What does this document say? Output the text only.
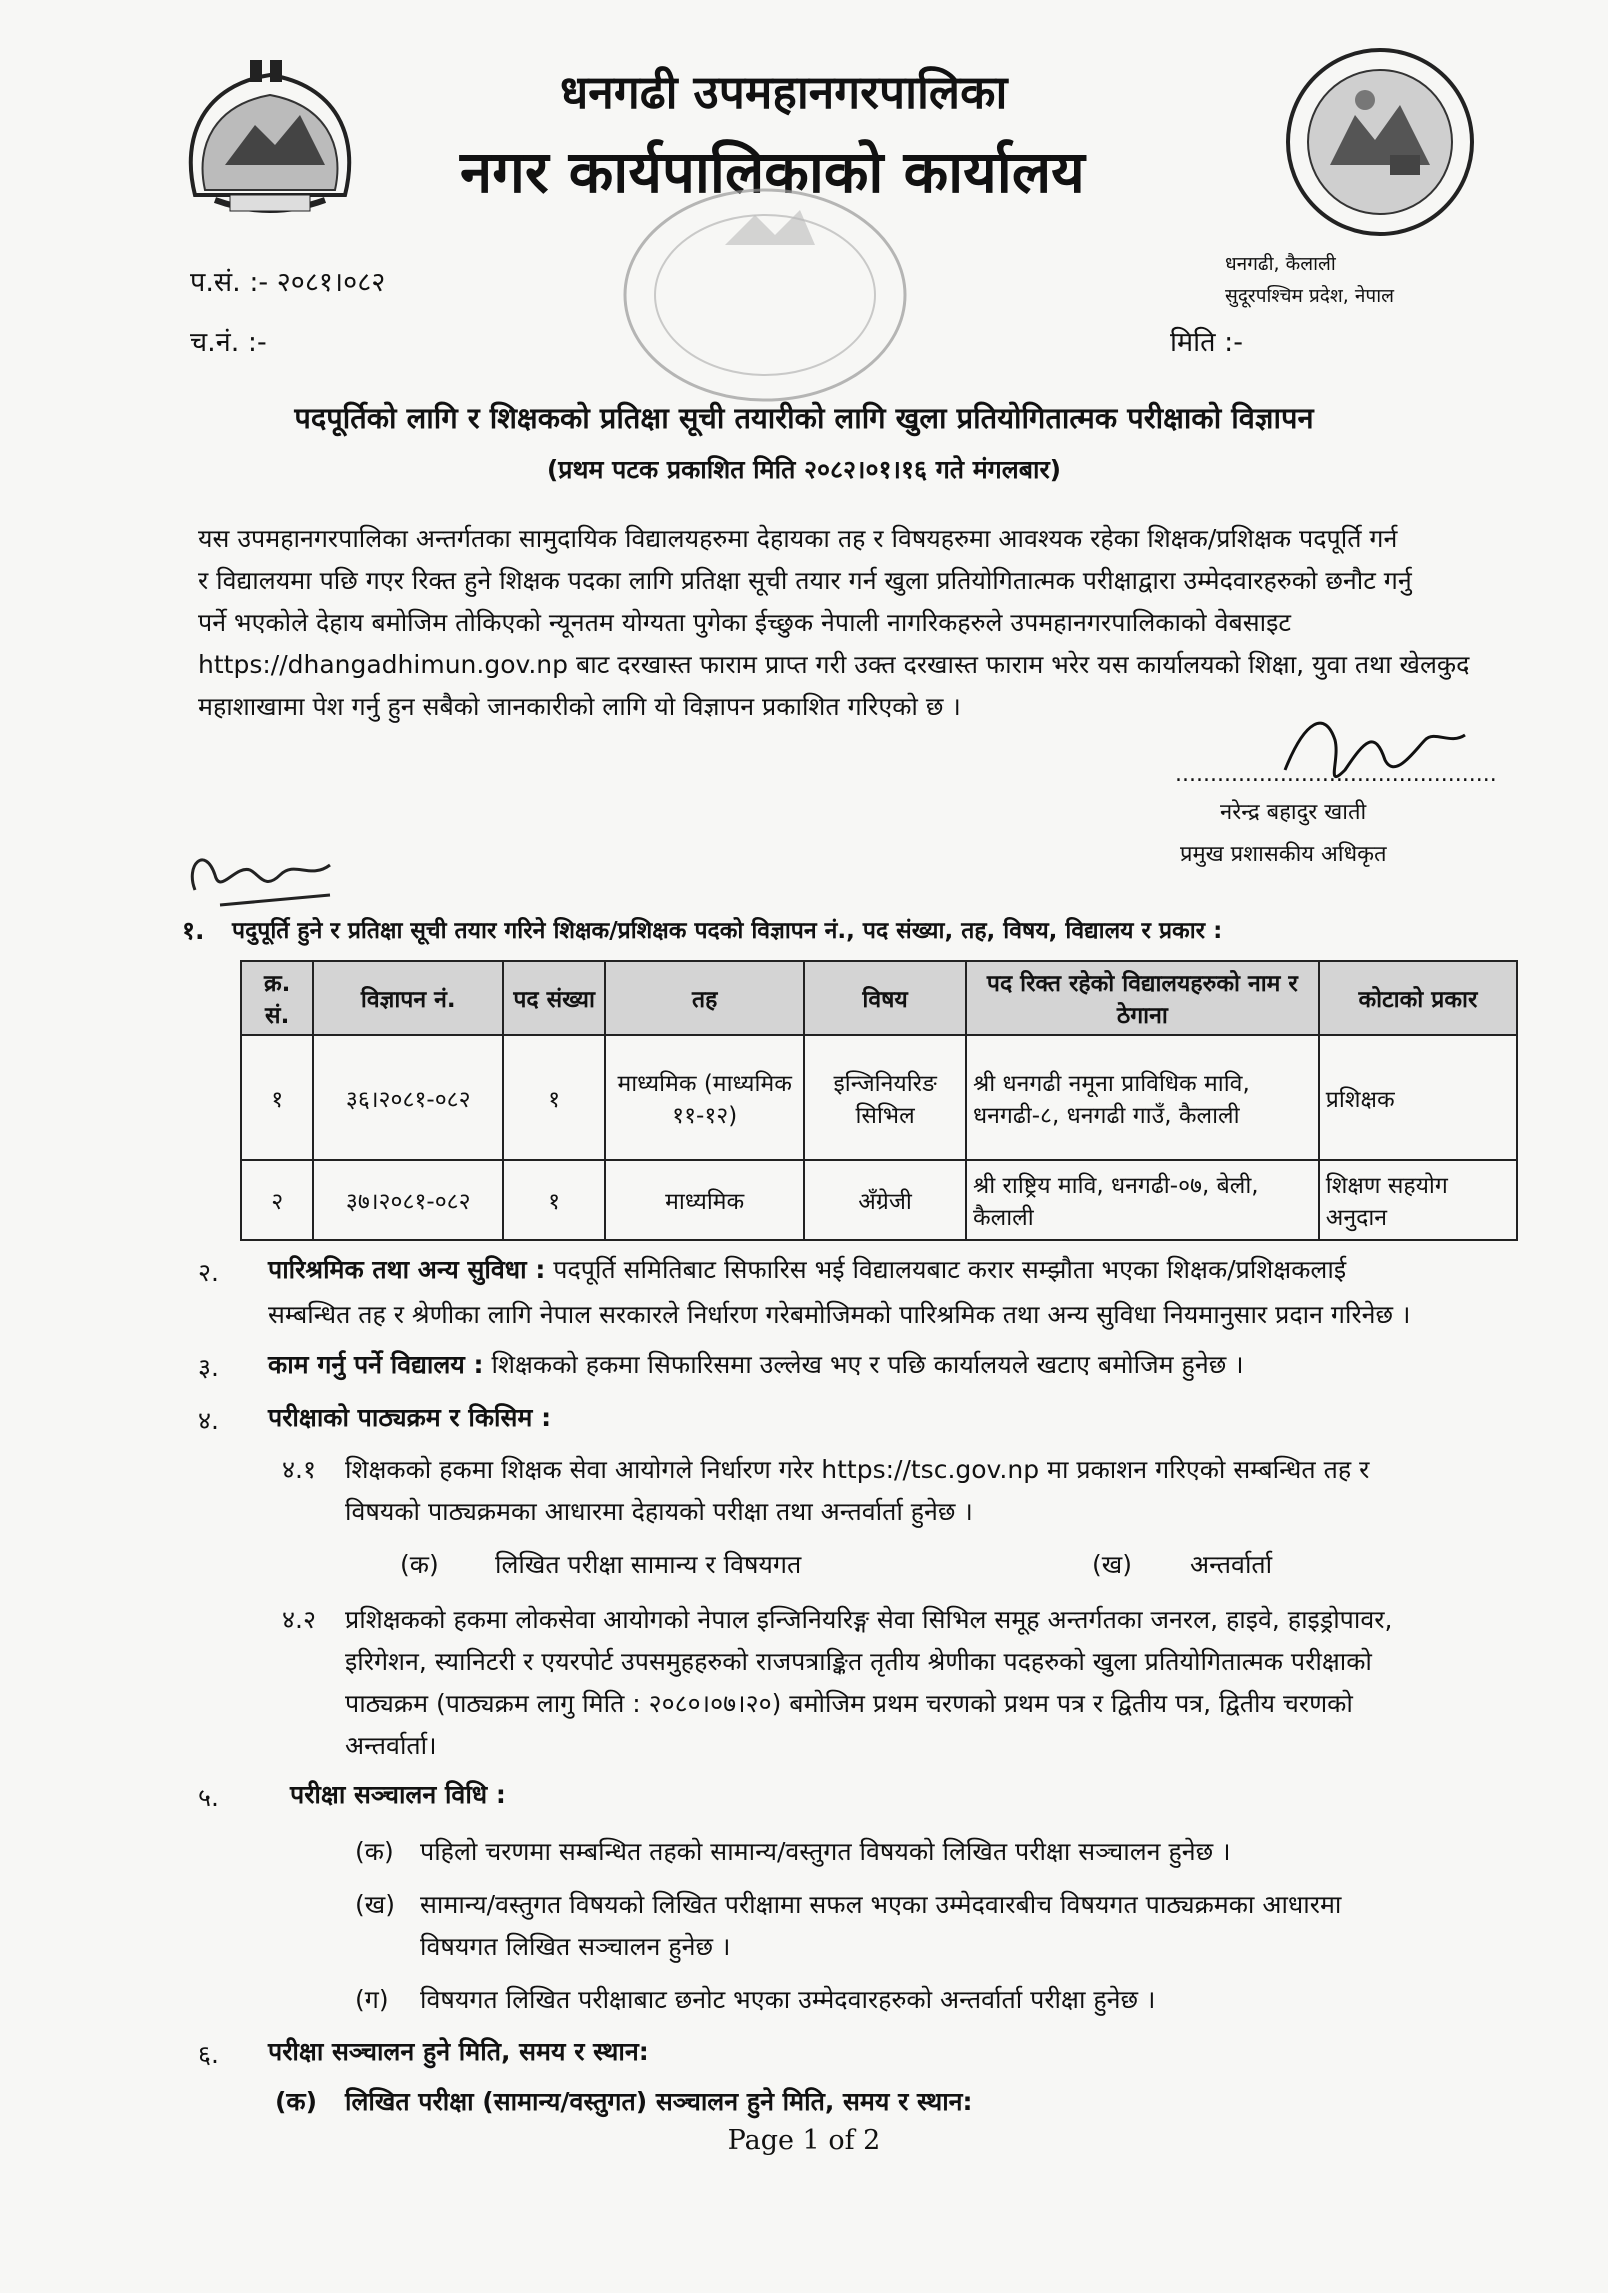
धनगढी उपमहानगरपालिका
नगर कार्यपालिकाको कार्यालय
प.सं. :- २०८१।०८२
च.नं. :-
धनगढी, कैलाली
सुदूरपश्चिम प्रदेश, नेपाल
मिति :-
पदपूर्तिको लागि र शिक्षकको प्रतिक्षा सूची तयारीको लागि खुला प्रतियोगितात्मक परीक्षाको विज्ञापन
(प्रथम पटक प्रकाशित मिति २०८२।०१।१६ गते मंगलबार)
यस उपमहानगरपालिका अन्तर्गतका सामुदायिक विद्यालयहरुमा देहायका तह र विषयहरुमा आवश्यक रहेका शिक्षक/प्रशिक्षक पदपूर्ति गर्न
र विद्यालयमा पछि गएर रिक्त हुने शिक्षक पदका लागि प्रतिक्षा सूची तयार गर्न खुला प्रतियोगितात्मक परीक्षाद्वारा उम्मेदवारहरुको छनौट गर्नु
पर्ने भएकोले देहाय बमोजिम तोकिएको न्यूनतम योग्यता पुगेका ईच्छुक नेपाली नागरिकहरुले उपमहानगरपालिकाको वेबसाइट
https://dhangadhimun.gov.np बाट दरखास्त फाराम प्राप्त गरी उक्त दरखास्त फाराम भरेर यस कार्यालयको शिक्षा, युवा तथा खेलकुद
महाशाखामा पेश गर्नु हुन सबैको जानकारीको लागि यो विज्ञापन प्रकाशित गरिएको छ ।
..............................................
नरेन्द्र बहादुर खाती
प्रमुख प्रशासकीय अधिकृत
१. पदुपूर्ति हुने र प्रतिक्षा सूची तयार गरिने शिक्षक/प्रशिक्षक पदको विज्ञापन नं., पद संख्या, तह, विषय, विद्यालय र प्रकार :
क्र. सं.	विज्ञापन नं.	पद संख्या	तह	विषय	पद रिक्त रहेको विद्यालयहरुको नाम र ठेगाना	कोटाको प्रकार
१	३६।२०८१-०८२	१	माध्यमिक (माध्यमिक ११-१२)	इन्जिनियरिङ सिभिल	श्री धनगढी नमूना प्राविधिक मावि, धनगढी-८, धनगढी गाउँ, कैलाली	प्रशिक्षक
२	३७।२०८१-०८२	१	माध्यमिक	अँग्रेजी	श्री राष्ट्रिय मावि, धनगढी-०७, बेली, कैलाली	शिक्षण सहयोग अनुदान
२. पारिश्रमिक तथा अन्य सुविधा : पदपूर्ति समितिबाट सिफारिस भई विद्यालयबाट करार सम्झौता भएका शिक्षक/प्रशिक्षकलाई
सम्बन्धित तह र श्रेणीका लागि नेपाल सरकारले निर्धारण गरेबमोजिमको पारिश्रमिक तथा अन्य सुविधा नियमानुसार प्रदान गरिनेछ ।
३. काम गर्नु पर्ने विद्यालय : शिक्षकको हकमा सिफारिसमा उल्लेख भए र पछि कार्यालयले खटाए बमोजिम हुनेछ ।
४. परीक्षाको पाठ्यक्रम र किसिम :
४.१ शिक्षकको हकमा शिक्षक सेवा आयोगले निर्धारण गरेर https://tsc.gov.np मा प्रकाशन गरिएको सम्बन्धित तह र
विषयको पाठ्यक्रमका आधारमा देहायको परीक्षा तथा अन्तर्वार्ता हुनेछ ।
(क) लिखित परीक्षा सामान्य र विषयगत	(ख) अन्तर्वार्ता
४.२ प्रशिक्षकको हकमा लोकसेवा आयोगको नेपाल इन्जिनियरिङ्ग सेवा सिभिल समूह अन्तर्गतका जनरल, हाइवे, हाइड्रोपावर,
इरिगेशन, स्यानिटरी र एयरपोर्ट उपसमुहहरुको राजपत्राङ्कित तृतीय श्रेणीका पदहरुको खुला प्रतियोगितात्मक परीक्षाको
पाठ्यक्रम (पाठ्यक्रम लागु मिति : २०८०।०७।२०) बमोजिम प्रथम चरणको प्रथम पत्र र द्वितीय पत्र, द्वितीय चरणको
अन्तर्वार्ता।
५.	परीक्षा सञ्चालन विधि :
(क) पहिलो चरणमा सम्बन्धित तहको सामान्य/वस्तुगत विषयको लिखित परीक्षा सञ्चालन हुनेछ ।
(ख) सामान्य/वस्तुगत विषयको लिखित परीक्षामा सफल भएका उम्मेदवारबीच विषयगत पाठ्यक्रमका आधारमा
विषयगत लिखित सञ्चालन हुनेछ ।
(ग) विषयगत लिखित परीक्षाबाट छनोट भएका उम्मेदवारहरुको अन्तर्वार्ता परीक्षा हुनेछ ।
६. परीक्षा सञ्चालन हुने मिति, समय र स्थान:
(क) लिखित परीक्षा (सामान्य/वस्तुगत) सञ्चालन हुने मिति, समय र स्थान:
Page 1 of 2
